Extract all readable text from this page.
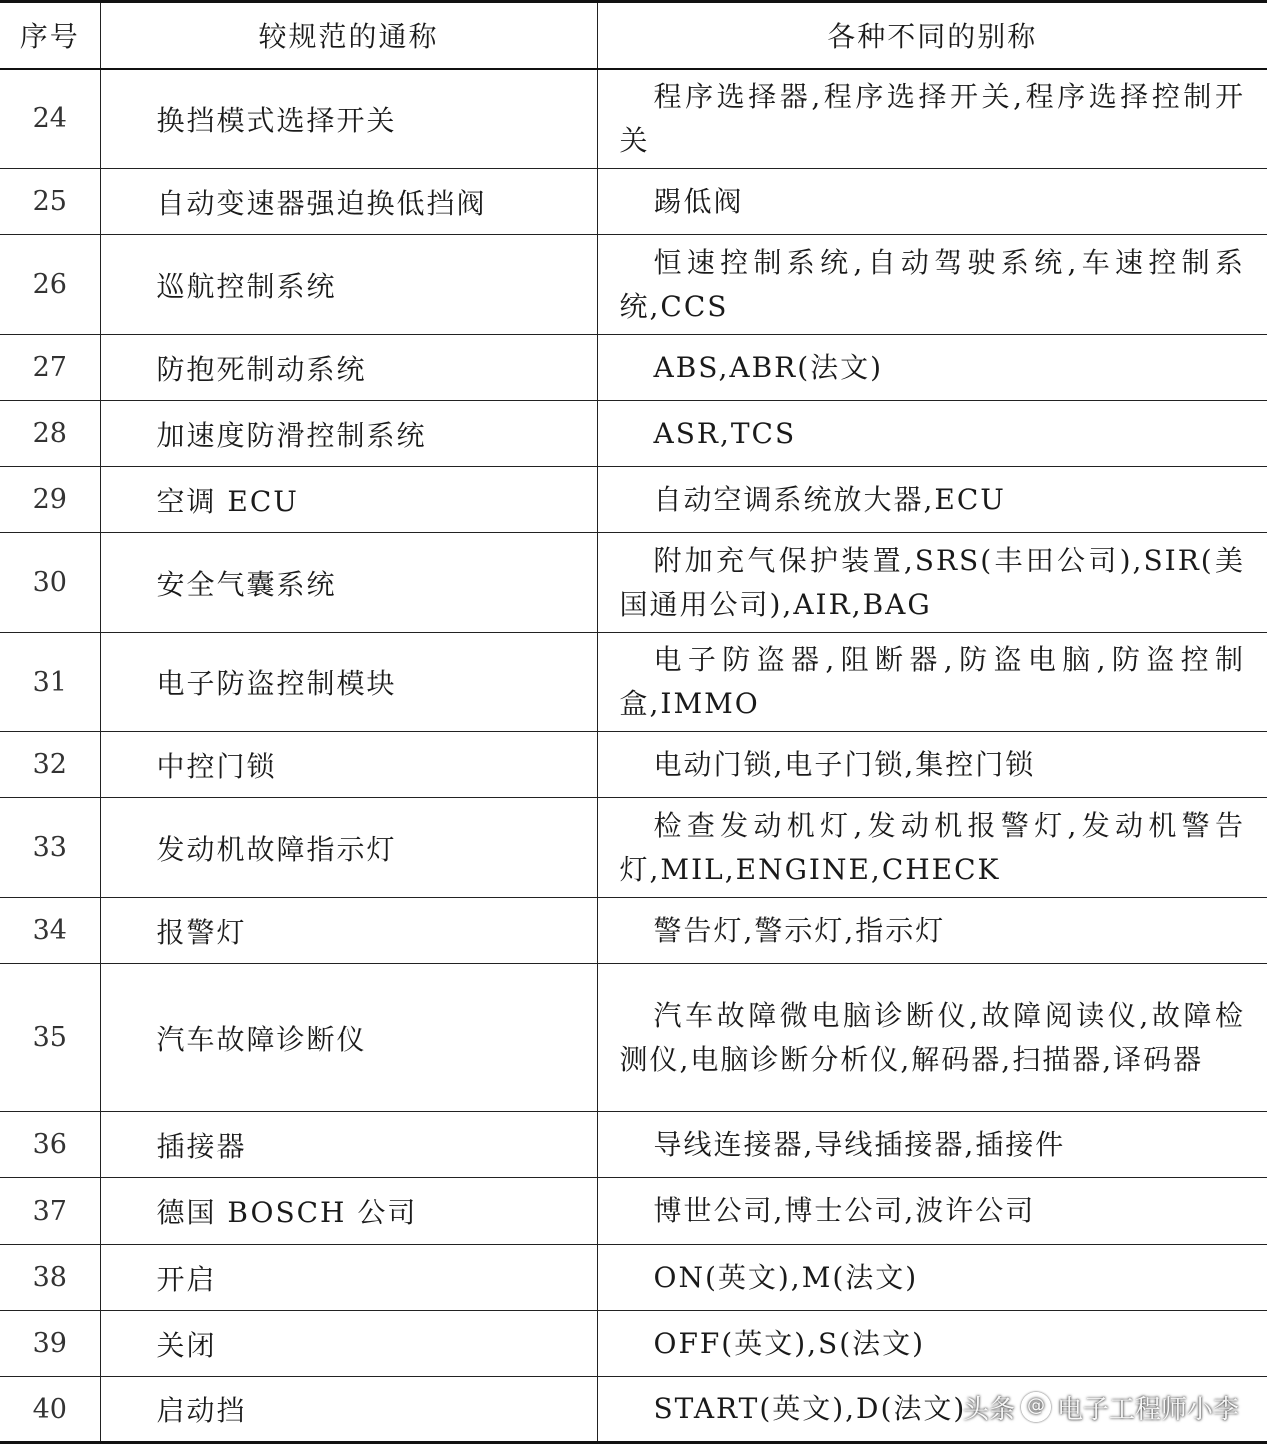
序号	较规范的通称	各种不同的别称
24	换挡模式选择开关	程序选择器,程序选择开关,程序选择控制开关
25	自动变速器强迫换低挡阀	踢低阀
26	巡航控制系统	恒速控制系统,自动驾驶系统,车速控制系统,CCS
27	防抱死制动系统	ABS,ABR(法文)
28	加速度防滑控制系统	ASR,TCS
29	空调 ECU	自动空调系统放大器,ECU
30	安全气囊系统	附加充气保护装置,SRS(丰田公司),SIR(美国通用公司),AIR,BAG
31	电子防盗控制模块	电子防盗器,阻断器,防盗电脑,防盗控制盒,IMMO
32	中控门锁	电动门锁,电子门锁,集控门锁
33	发动机故障指示灯	检查发动机灯,发动机报警灯,发动机警告灯,MIL,ENGINE,CHECK
34	报警灯	警告灯,警示灯,指示灯
35	汽车故障诊断仪	汽车故障微电脑诊断仪,故障阅读仪,故障检测仪,电脑诊断分析仪,解码器,扫描器,译码器
36	插接器	导线连接器,导线插接器,插接件
37	德国 BOSCH 公司	博世公司,博士公司,波许公司
38	开启	ON(英文),M(法文)
39	关闭	OFF(英文),S(法文)
40	启动挡	START(英文),D(法文)
头条 @ 电子工程师小李
